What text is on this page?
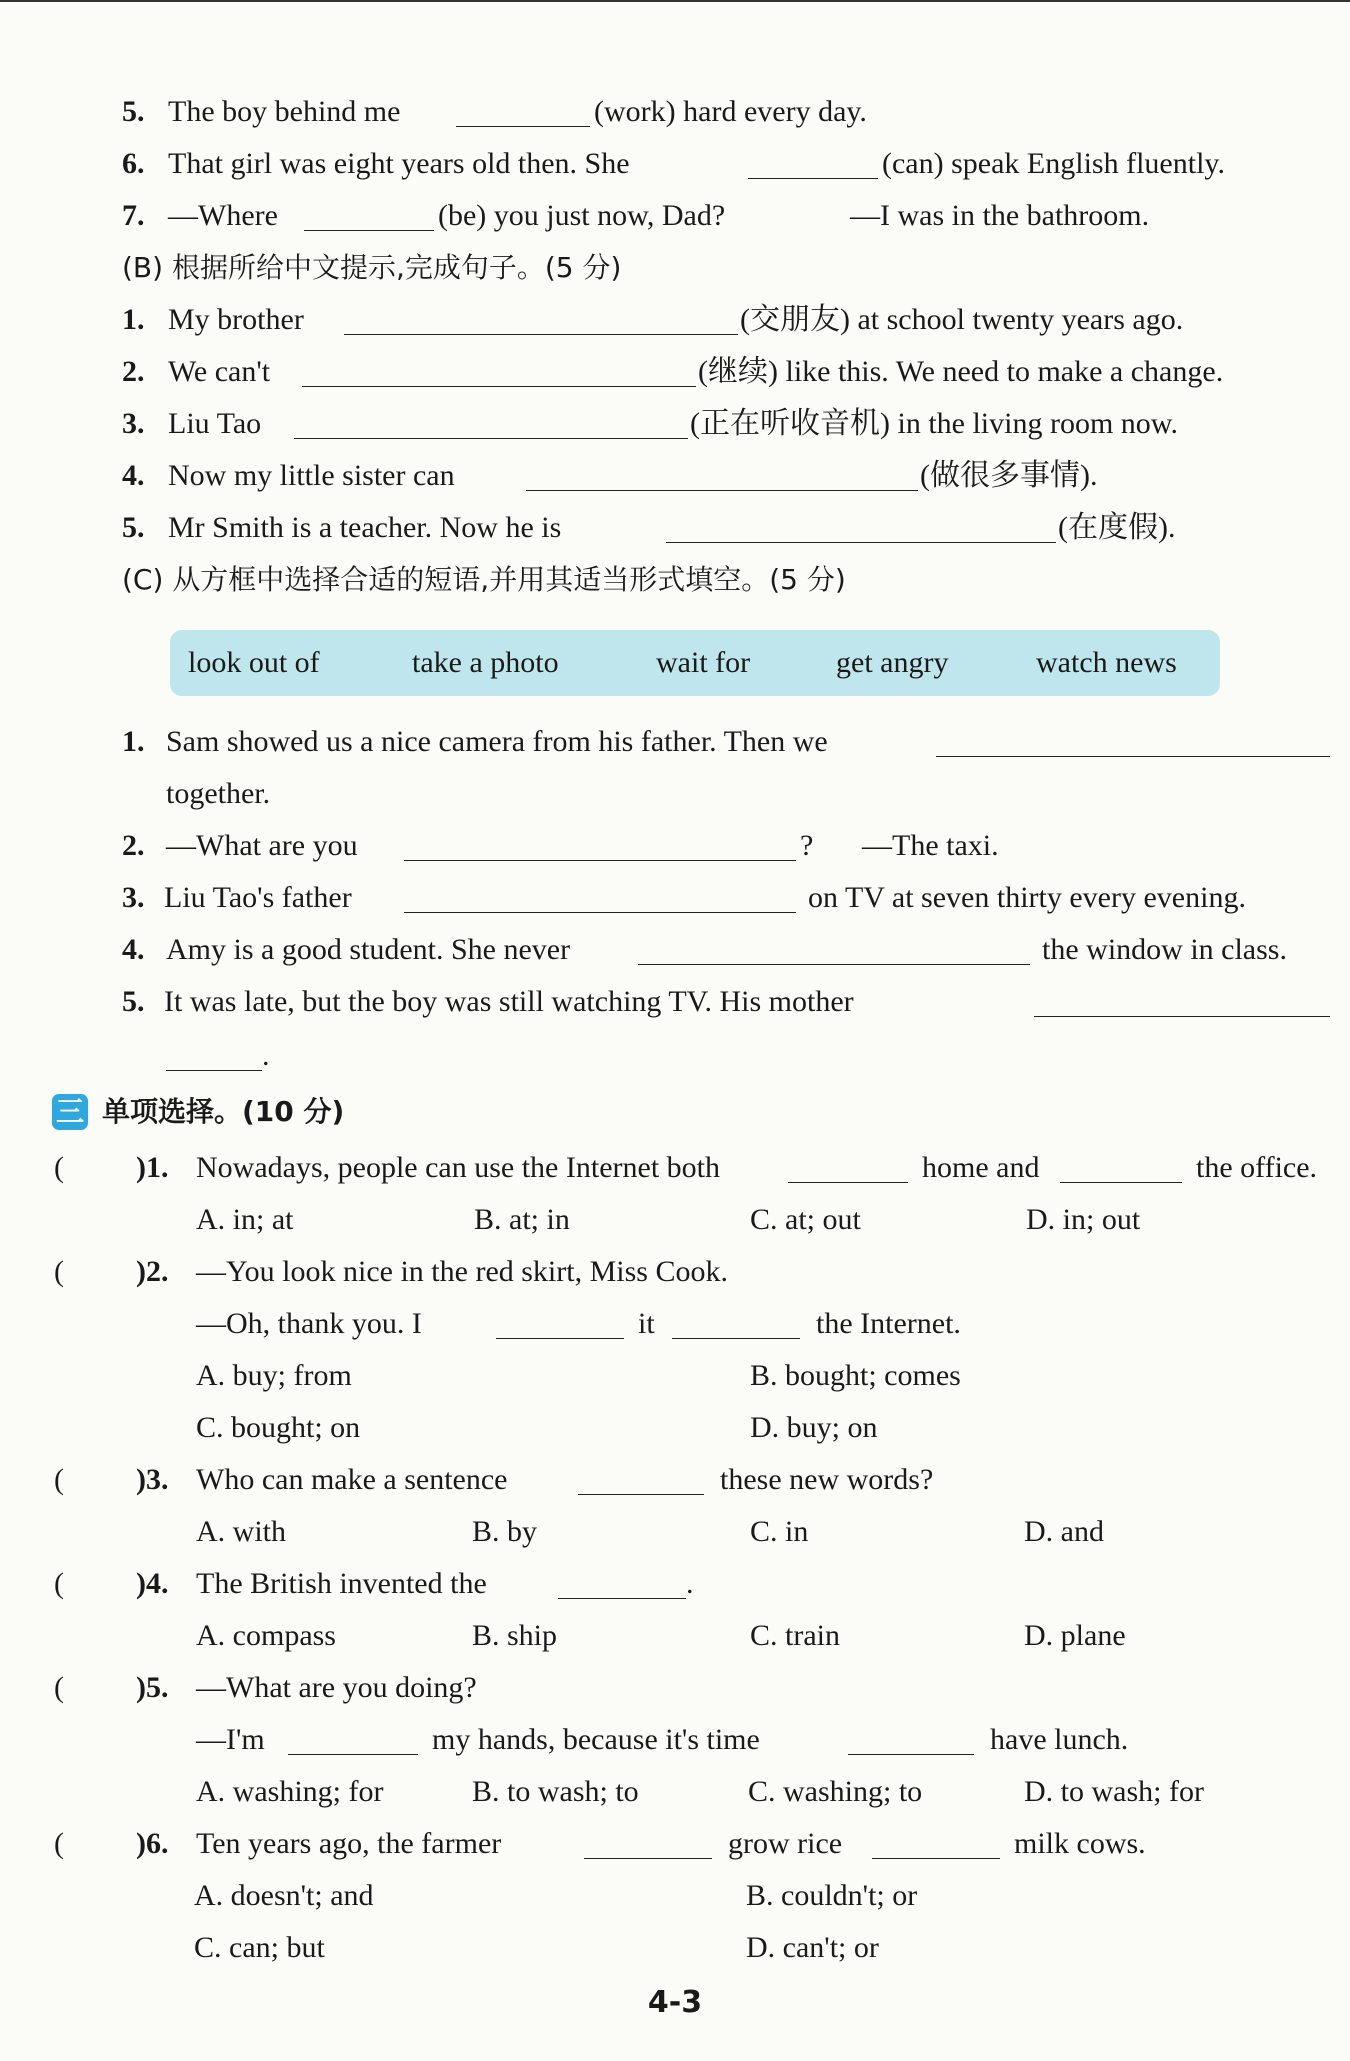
5. The boy behind me	(work) hard every day.
6. That girl was eight years old then. She	(can) speak English fluently.
7. —Where	(be) you just now, Dad?	—I was in the bathroom.
(B) 根据所给中文提示,完成句子。(5 分)
1. My brother	(交朋友) at school twenty years ago.
2. We can't	(继续) like this. We need to make a change.
3. Liu Tao	(正在听收音机) in the living room now.
4. Now my little sister can	(做很多事情).
5. Mr Smith is a teacher. Now he is	(在度假).
(C) 从方框中选择合适的短语,并用其适当形式填空。(5 分)
look out of	take a photo	wait for	get angry	watch news
1. Sam showed us a nice camera from his father. Then we
together.
2. —What are you	? —The taxi.
3. Liu Tao's father	on TV at seven thirty every evening.
4. Amy is a good student. She never	the window in class.
5. It was late, but the boy was still watching TV. His mother
.
三 单项选择。(10 分)
( )1. Nowadays, people can use the Internet both	home and	the office.
A. in; at	B. at; in	C. at; out	D. in; out
( )2. —You look nice in the red skirt, Miss Cook.
—Oh, thank you. I	it	the Internet.
A. buy; from	B. bought; comes
C. bought; on	D. buy; on
( )3. Who can make a sentence	these new words?
A. with	B. by	C. in	D. and
( )4. The British invented the	.
A. compass	B. ship	C. train	D. plane
( )5. —What are you doing?
—I'm	my hands, because it's time	have lunch.
A. washing; for	B. to wash; to	C. washing; to	D. to wash; for
( )6. Ten years ago, the farmer	grow rice	milk cows.
A. doesn't; and	B. couldn't; or
C. can; but	D. can't; or
4-3
